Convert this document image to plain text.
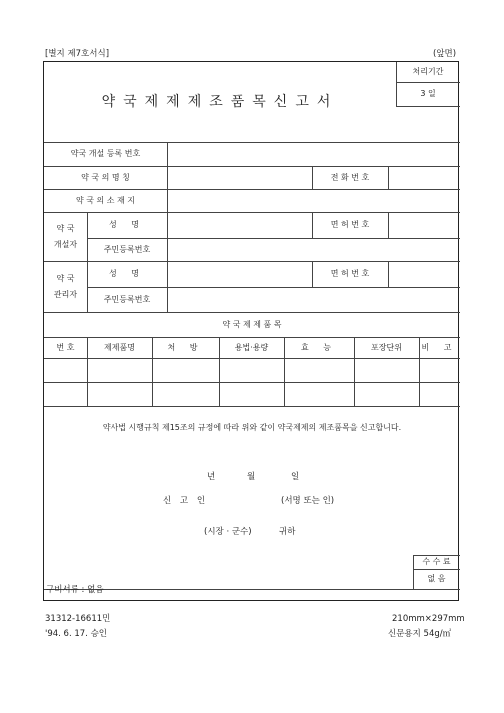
[별지 제7호서식]	(앞면)
약국제제제조품목신고서
처리기간
3 일
약국 개설 등록 번호
약 국 의 명 칭	전 화 번 호
약 국 의 소 재 지
약 국
개설자
성 명	면 허 번 호
주민등록번호
약 국
관리자
성 명	면 허 번 호
주민등록번호
약 국 제 제 품 목
번 호	제제품명	처 방	용법·용량	효 능	포장단위	비 고
약사법 시행규칙 제15조의 규정에 따라 위와 같이 약국제제의 제조품목을 신고합니다.
년	월	일
신 고 인	(서명 또는 인)
(시장 · 군수)	귀하
수 수 료
없 음
구비서류 : 없음
31312-16611민	210mm×297mm
'94. 6. 17. 승인	신문용지 54g/㎡
